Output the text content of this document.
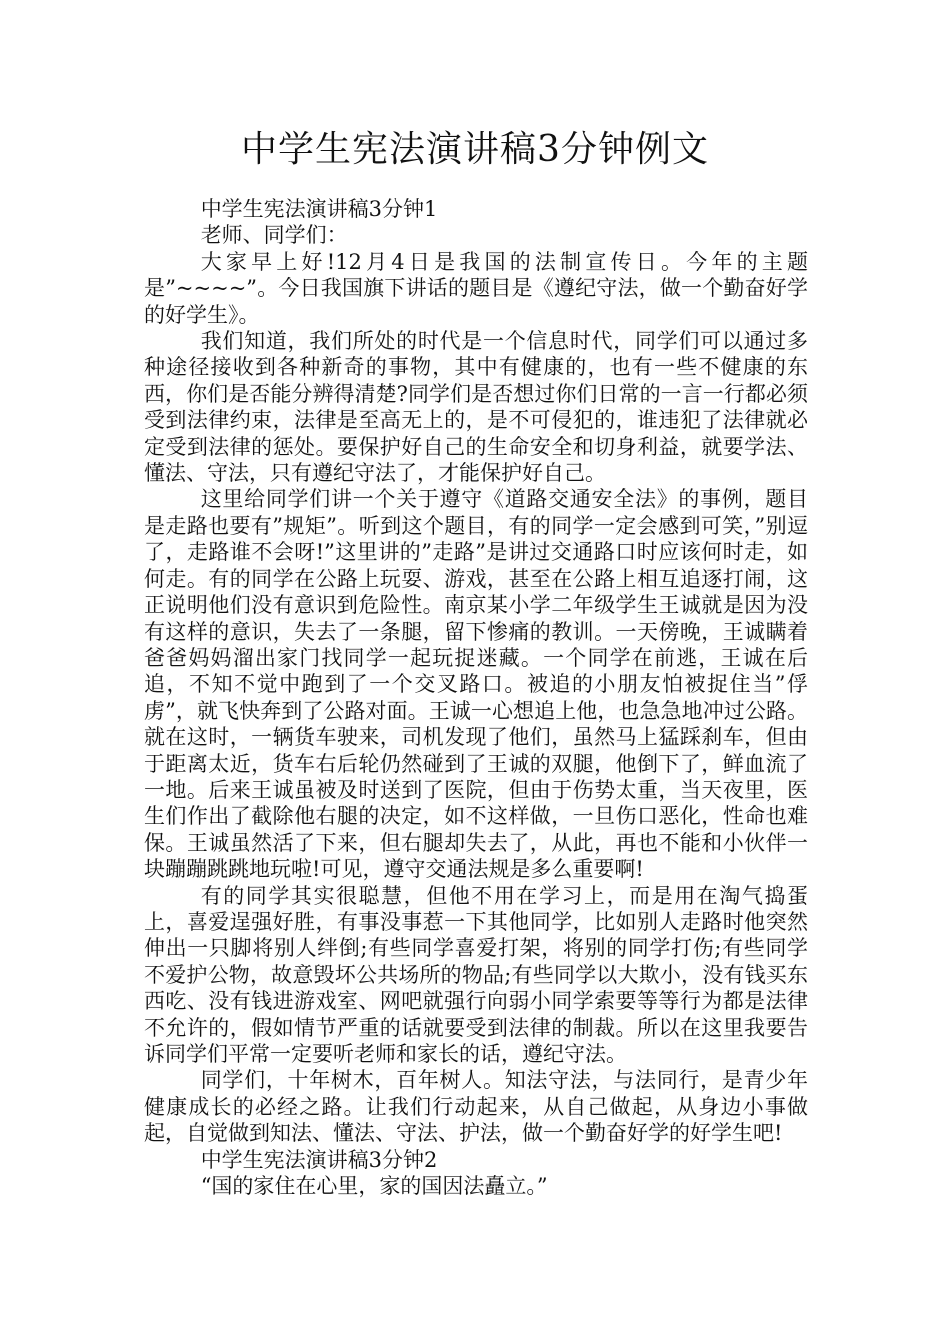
中学生宪法演讲稿3分钟例文

中学生宪法演讲稿3分钟1

老师、同学们：

大家早上好!12月4日是我国的法制宣传日。今年的主题是”~~~~”。今日我国旗下讲话的题目是《遵纪守法，做一个勤奋好学的好学生》。

我们知道，我们所处的时代是一个信息时代，同学们可以通过多种途径接收到各种新奇的事物，其中有健康的，也有一些不健康的东西，你们是否能分辨得清楚?同学们是否想过你们日常的一言一行都必须受到法律约束，法律是至高无上的，是不可侵犯的，谁违犯了法律就必定受到法律的惩处。要保护好自己的生命安全和切身利益，就要学法、懂法、守法，只有遵纪守法了，才能保护好自己。

这里给同学们讲一个关于遵守《道路交通安全法》的事例，题目是走路也要有”规矩”。听到这个题目，有的同学一定会感到可笑，”别逗了，走路谁不会呀!”这里讲的”走路”是讲过交通路口时应该何时走，如何走。有的同学在公路上玩耍、游戏，甚至在公路上相互追逐打闹，这正说明他们没有意识到危险性。南京某小学二年级学生王诚就是因为没有这样的意识，失去了一条腿，留下惨痛的教训。一天傍晚，王诚瞒着爸爸妈妈溜出家门找同学一起玩捉迷藏。一个同学在前逃，王诚在后追，不知不觉中跑到了一个交叉路口。被追的小朋友怕被捉住当”俘虏”，就飞快奔到了公路对面。王诚一心想追上他，也急急地冲过公路。就在这时，一辆货车驶来，司机发现了他们，虽然马上猛踩刹车，但由于距离太近，货车右后轮仍然碰到了王诚的双腿，他倒下了，鲜血流了一地。后来王诚虽被及时送到了医院，但由于伤势太重，当天夜里，医生们作出了截除他右腿的决定，如不这样做，一旦伤口恶化，性命也难保。王诚虽然活了下来，但右腿却失去了，从此，再也不能和小伙伴一块蹦蹦跳跳地玩啦!可见，遵守交通法规是多么重要啊!

有的同学其实很聪慧，但他不用在学习上，而是用在淘气捣蛋上，喜爱逞强好胜，有事没事惹一下其他同学，比如别人走路时他突然伸出一只脚将别人绊倒;有些同学喜爱打架，将别的同学打伤;有些同学不爱护公物，故意毁坏公共场所的物品;有些同学以大欺小，没有钱买东西吃、没有钱进游戏室、网吧就强行向弱小同学索要等等行为都是法律不允许的，假如情节严重的话就要受到法律的制裁。所以在这里我要告诉同学们平常一定要听老师和家长的话，遵纪守法。

同学们，十年树木，百年树人。知法守法，与法同行，是青少年健康成长的必经之路。让我们行动起来，从自己做起，从身边小事做起，自觉做到知法、懂法、守法、护法，做一个勤奋好学的好学生吧!

中学生宪法演讲稿3分钟2

“国的家住在心里，家的国因法矗立。”
